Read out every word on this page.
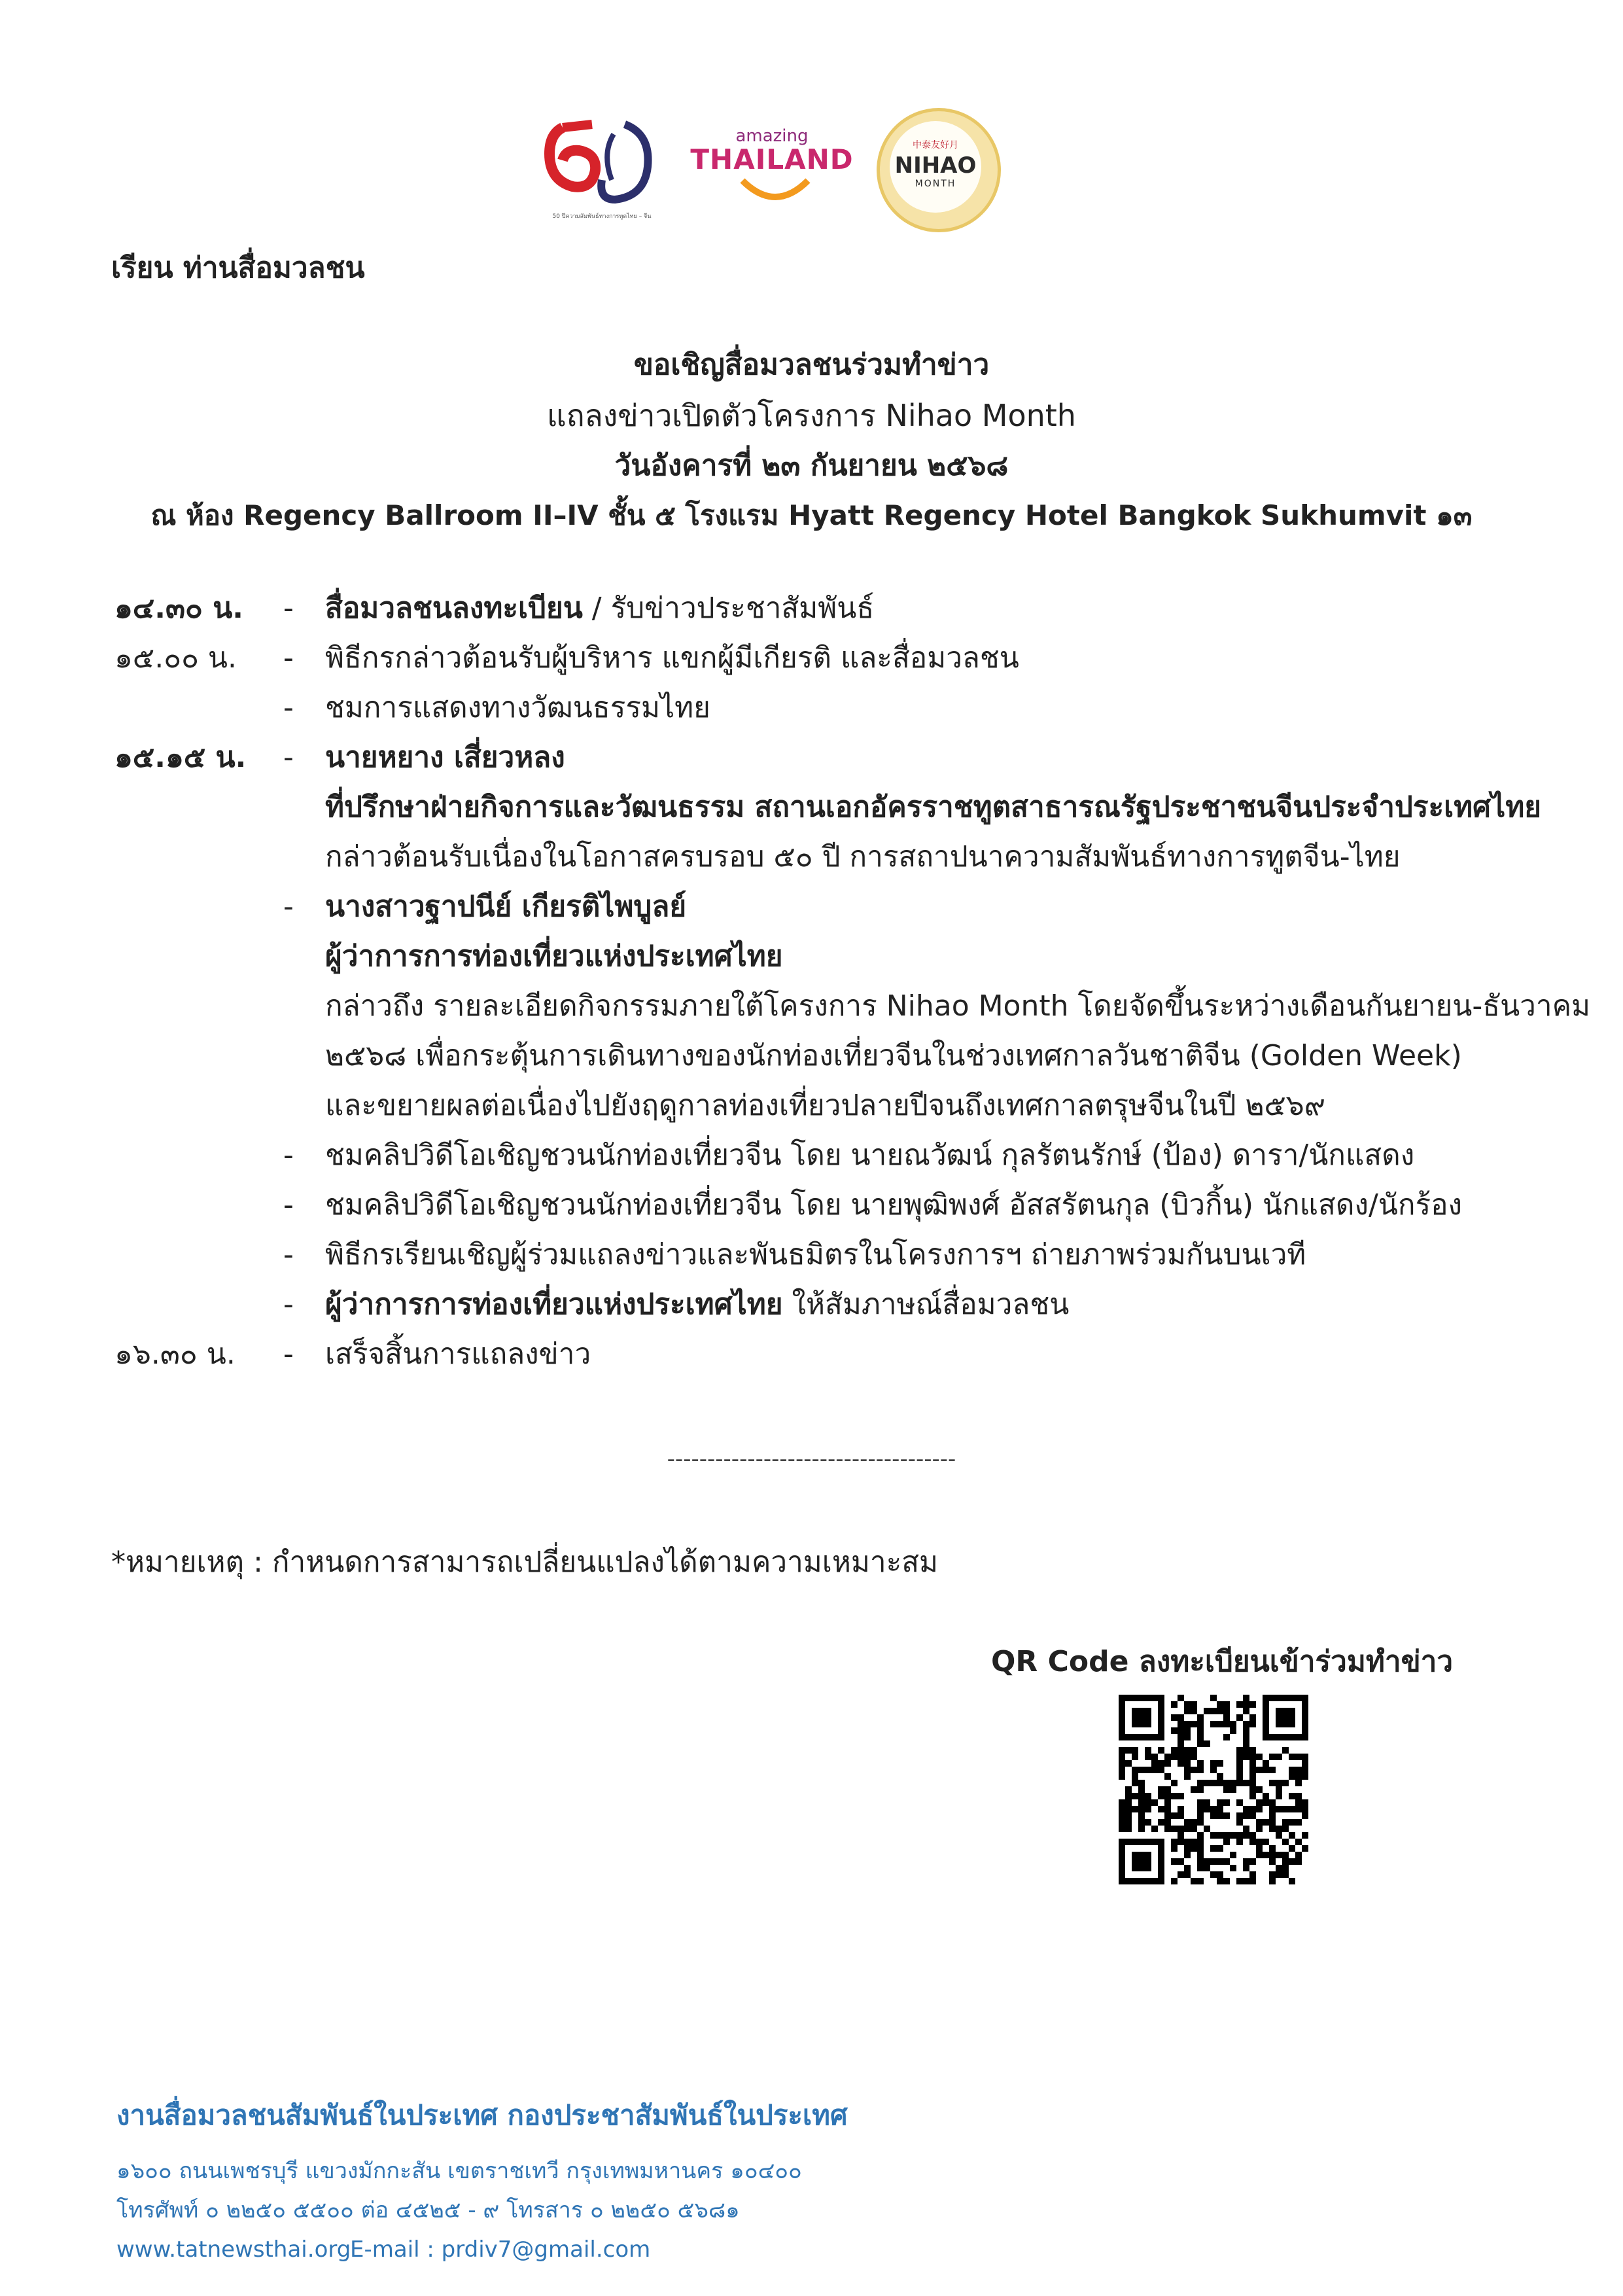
50 ปีความสัมพันธ์ทางการทูตไทย – จีน
amazing
THAILAND	中泰友好月
NIHAO
MONTH
เรียน ท่านสื่อมวลชน
ขอเชิญสื่อมวลชนร่วมทำข่าว
แถลงข่าวเปิดตัวโครงการ Nihao Month
วันอังคารที่ ๒๓ กันยายน ๒๕๖๘
ณ ห้อง Regency Ballroom II–IV ชั้น ๕ โรงแรม Hyatt Regency Hotel Bangkok Sukhumvit ๑๓
๑๔.๓๐ น. - สื่อมวลชนลงทะเบียน / รับข่าวประชาสัมพันธ์
๑๕.๐๐ น. - พิธีกรกล่าวต้อนรับผู้บริหาร แขกผู้มีเกียรติ และสื่อมวลชน
- ชมการแสดงทางวัฒนธรรมไทย
๑๕.๑๕ น. - นายหยาง เสี่ยวหลง
ที่ปรึกษาฝ่ายกิจการและวัฒนธรรม สถานเอกอัครราชทูตสาธารณรัฐประชาชนจีนประจำประเทศไทย
กล่าวต้อนรับเนื่องในโอกาสครบรอบ ๕๐ ปี การสถาปนาความสัมพันธ์ทางการทูตจีน-ไทย
- นางสาวฐาปนีย์ เกียรติไพบูลย์
ผู้ว่าการการท่องเที่ยวแห่งประเทศไทย
กล่าวถึง รายละเอียดกิจกรรมภายใต้โครงการ Nihao Month โดยจัดขึ้นระหว่างเดือนกันยายน-ธันวาคม
๒๕๖๘ เพื่อกระตุ้นการเดินทางของนักท่องเที่ยวจีนในช่วงเทศกาลวันชาติจีน (Golden Week)
และขยายผลต่อเนื่องไปยังฤดูกาลท่องเที่ยวปลายปีจนถึงเทศกาลตรุษจีนในปี ๒๕๖๙
- ชมคลิปวิดีโอเชิญชวนนักท่องเที่ยวจีน โดย นายณวัฒน์ กุลรัตนรักษ์ (ป้อง) ดารา/นักแสดง
- ชมคลิปวิดีโอเชิญชวนนักท่องเที่ยวจีน โดย นายพุฒิพงศ์ อัสสรัตนกุล (บิวกิ้น) นักแสดง/นักร้อง
- พิธีกรเรียนเชิญผู้ร่วมแถลงข่าวและพันธมิตรในโครงการฯ ถ่ายภาพร่วมกันบนเวที
- ผู้ว่าการการท่องเที่ยวแห่งประเทศไทย ให้สัมภาษณ์สื่อมวลชน
๑๖.๓๐ น.	- เสร็จสิ้นการแถลงข่าว
------------------------------------
*หมายเหตุ : กำหนดการสามารถเปลี่ยนแปลงได้ตามความเหมาะสม
QR Code ลงทะเบียนเข้าร่วมทำข่าว
งานสื่อมวลชนสัมพันธ์ในประเทศ กองประชาสัมพันธ์ในประเทศ
๑๖๐๐ ถนนเพชรบุรี แขวงมักกะสัน เขตราชเทวี กรุงเทพมหานคร ๑๐๔๐๐
โทรศัพท์ ๐ ๒๒๕๐ ๕๕๐๐ ต่อ ๔๕๒๕ - ๙ โทรสาร ๐ ๒๒๕๐ ๕๖๘๑
www.tatnewsthai.org
E-mail : prdiv7@gmail.com
